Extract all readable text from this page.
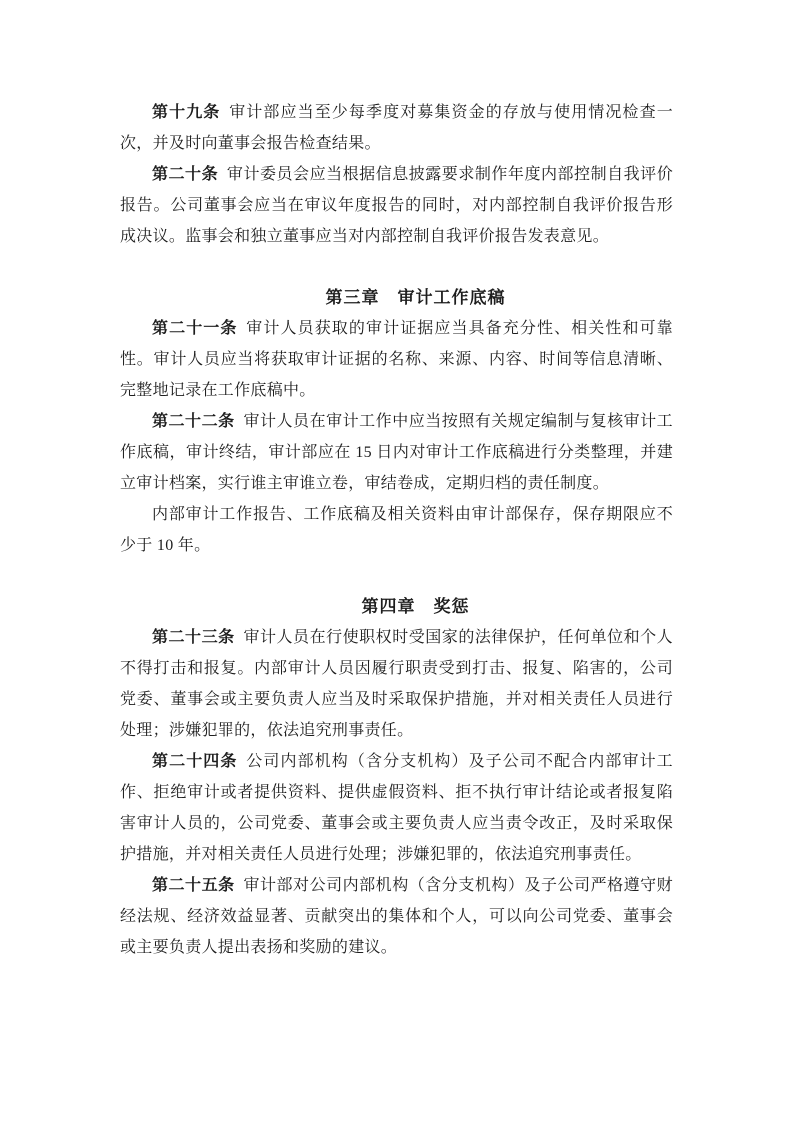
第十九条 审计部应当至少每季度对募集资金的存放与使用情况检查一次，并及时向董事会报告检查结果。

第二十条 审计委员会应当根据信息披露要求制作年度内部控制自我评价报告。公司董事会应当在审议年度报告的同时，对内部控制自我评价报告形成决议。监事会和独立董事应当对内部控制自我评价报告发表意见。

第三章　审计工作底稿

第二十一条 审计人员获取的审计证据应当具备充分性、相关性和可靠性。审计人员应当将获取审计证据的名称、来源、内容、时间等信息清晰、完整地记录在工作底稿中。

第二十二条 审计人员在审计工作中应当按照有关规定编制与复核审计工作底稿，审计终结，审计部应在 15 日内对审计工作底稿进行分类整理，并建立审计档案，实行谁主审谁立卷，审结卷成，定期归档的责任制度。

内部审计工作报告、工作底稿及相关资料由审计部保存，保存期限应不少于 10 年。

第四章　奖惩

第二十三条 审计人员在行使职权时受国家的法律保护，任何单位和个人不得打击和报复。内部审计人员因履行职责受到打击、报复、陷害的，公司党委、董事会或主要负责人应当及时采取保护措施，并对相关责任人员进行处理；涉嫌犯罪的，依法追究刑事责任。

第二十四条 公司内部机构（含分支机构）及子公司不配合内部审计工作、拒绝审计或者提供资料、提供虚假资料、拒不执行审计结论或者报复陷害审计人员的，公司党委、董事会或主要负责人应当责令改正，及时采取保护措施，并对相关责任人员进行处理；涉嫌犯罪的，依法追究刑事责任。

第二十五条 审计部对公司内部机构（含分支机构）及子公司严格遵守财经法规、经济效益显著、贡献突出的集体和个人，可以向公司党委、董事会或主要负责人提出表扬和奖励的建议。
